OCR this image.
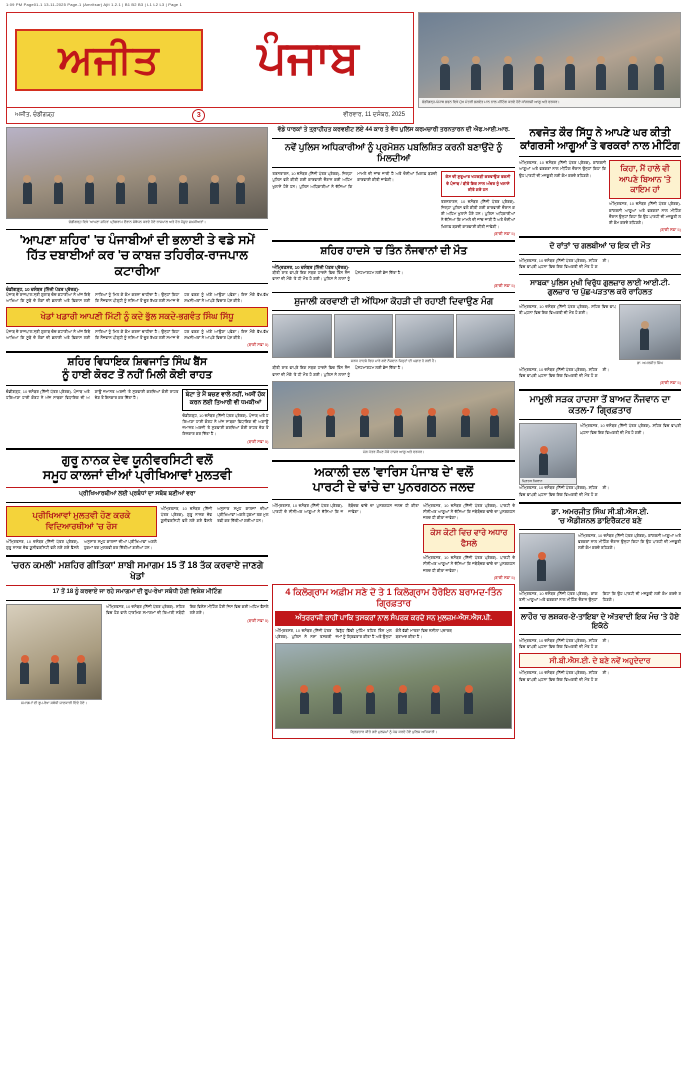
1:09 PM Page01-1 13-11-2025 Page-1 (Amritsar) Ajit 1.2.1 | B1 B2 B3 | L1 L2 L3 | Page 1
ਅਜੀਤ	ਪੰਜਾਬ
ਚੰਡੀਗੜ੍ਹ-ਪੰਜਾਬ ਭਵਨ ਵਿਖੇ ਮੁੱਖ ਮੰਤਰੀ ਭਗਵੰਤ ਮਾਨ ਨਾਲ ਮੀਟਿੰਗ ਕਰਦੇ ਹੋਏ ਕਾਂਗਰਸੀ ਆਗੂ ਅਤੇ ਵਰਕਰ।
ਅਜੀਤ, ਚੰਡੀਗੜ੍ਹ	3	ਵੀਰਵਾਰ, 11 ਦਸੰਬਰ, 2025
ਚੰਡੀਗੜ੍ਹ ਵਿਖੇ 'ਆਪਣਾ ਸ਼ਹਿਰ' ਪ੍ਰੋਗਰਾਮ ਦੌਰਾਨ ਸੰਬੋਧਨ ਕਰਦੇ ਹੋਏ ਰਾਜਪਾਲ ਅਤੇ ਹੋਰ ਮੌਜੂਦ ਸ਼ਖ਼ਸੀਅਤਾਂ।
'ਆਪਣਾ ਸ਼ਹਿਰ' 'ਚ ਪੰਜਾਬੀਆਂ ਦੀ ਭਲਾਈ ਤੇ ਵਡੇ ਸਮੇਂ
ਹਿੱਤ ਦਬਾਈਆਂ ਕਰ 'ਚ ਕਾਬਜ਼ ਤਹਿਰੀਕ-ਰਾਜਪਾਲ ਕਟਾਰੀਆ
ਚੰਡੀਗੜ੍ਹ, 10 ਦਸੰਬਰ (ਨਿੱਜੀ ਪੱਤਰ ਪ੍ਰੇਰਕ)-
ਪੰਜਾਬ ਦੇ ਰਾਜਪਾਲ ਸ੍ਰੀ ਗੁਲਾਬ ਚੰਦ ਕਟਾਰੀਆ ਨੇ ਅੱਜ ਇਥੇ ਆਖਿਆ ਕਿ ਸੂਬੇ ਦੇ ਲੋਕਾਂ ਦੀ ਭਲਾਈ ਅਤੇ ਵਿਕਾਸ ਲਈ ਸਾਰਿਆਂ ਨੂੰ ਮਿਲ ਕੇ ਕੰਮ ਕਰਨਾ ਚਾਹੀਦਾ ਹੈ। ਉਨ੍ਹਾਂ ਕਿਹਾ ਕਿ ਨੌਜਵਾਨ ਪੀੜ੍ਹੀ ਨੂੰ ਨਸ਼ਿਆਂ ਤੋਂ ਦੂਰ ਰੱਖਣ ਲਈ ਸਮਾਜ ਦੇ ਹਰ ਵਰਗ ਨੂੰ ਅੱਗੇ ਆਉਣਾ ਪਵੇਗਾ। ਇਸ ਮੌਕੇ ਵੱਖ-ਵੱਖ ਸ਼ਖ਼ਸੀਅਤਾਂ ਨੇ ਆਪਣੇ ਵਿਚਾਰ ਪੇਸ਼ ਕੀਤੇ।
ਖੇਡਾਂ ਖਡਾਰੀ ਆਪਣੀ ਮਿੱਟੀ ਨੂੰ ਕਦੇ ਭੁੱਲ ਸਕਦੇ-ਭਗਵੰਤ ਸਿੰਘ ਸਿੱਧੂ
ਪੰਜਾਬ ਦੇ ਰਾਜਪਾਲ ਸ੍ਰੀ ਗੁਲਾਬ ਚੰਦ ਕਟਾਰੀਆ ਨੇ ਅੱਜ ਇਥੇ ਆਖਿਆ ਕਿ ਸੂਬੇ ਦੇ ਲੋਕਾਂ ਦੀ ਭਲਾਈ ਅਤੇ ਵਿਕਾਸ ਲਈ ਸਾਰਿਆਂ ਨੂੰ ਮਿਲ ਕੇ ਕੰਮ ਕਰਨਾ ਚਾਹੀਦਾ ਹੈ। ਉਨ੍ਹਾਂ ਕਿਹਾ ਕਿ ਨੌਜਵਾਨ ਪੀੜ੍ਹੀ ਨੂੰ ਨਸ਼ਿਆਂ ਤੋਂ ਦੂਰ ਰੱਖਣ ਲਈ ਸਮਾਜ ਦੇ ਹਰ ਵਰਗ ਨੂੰ ਅੱਗੇ ਆਉਣਾ ਪਵੇਗਾ। ਇਸ ਮੌਕੇ ਵੱਖ-ਵੱਖ ਸ਼ਖ਼ਸੀਅਤਾਂ ਨੇ ਆਪਣੇ ਵਿਚਾਰ ਪੇਸ਼ ਕੀਤੇ।
(ਬਾਕੀ ਸਫ਼ਾ 5)
ਸ਼ਹਿਰ ਵਿਧਾਇਕ ਸ਼ਿਵਜਾਤਿ ਸਿੰਘ ਬੈਂਸ
ਨੂੰ ਹਾਈ ਕੋਰਟ ਤੋਂ ਨਹੀਂ ਮਿਲੀ ਕੋਈ ਰਾਹਤ
ਚੰਡੀਗੜ੍ਹ, 10 ਦਸੰਬਰ (ਨਿੱਜੀ ਪੱਤਰ ਪ੍ਰੇਰਕ)- ਪੰਜਾਬ ਅਤੇ ਹਰਿਆਣਾ ਹਾਈ ਕੋਰਟ ਨੇ ਅੱਜ ਸਾਬਕਾ ਵਿਧਾਇਕ ਦੀ ਅਗਾਊਂ ਜ਼ਮਾਨਤ ਅਰਜ਼ੀ 'ਤੇ ਸੁਣਵਾਈ ਕਰਦਿਆਂ ਕੋਈ ਰਾਹਤ ਦੇਣ ਤੋਂ ਇਨਕਾਰ ਕਰ ਦਿੱਤਾ ਹੈ।	ਬੇਟਾ ਤੇ ਮੈਂ ਬਚਣ ਵਾਲੇ ਨਹੀਂ, ਅਸੀਂ ਹੱਕ ਕਰਨ ਲਈ ਤਿਆਰੀ ਵੀ ਧਮਕੀਆਂ
ਚੰਡੀਗੜ੍ਹ, 10 ਦਸੰਬਰ (ਨਿੱਜੀ ਪੱਤਰ ਪ੍ਰੇਰਕ)- ਪੰਜਾਬ ਅਤੇ ਹਰਿਆਣਾ ਹਾਈ ਕੋਰਟ ਨੇ ਅੱਜ ਸਾਬਕਾ ਵਿਧਾਇਕ ਦੀ ਅਗਾਊਂ ਜ਼ਮਾਨਤ ਅਰਜ਼ੀ 'ਤੇ ਸੁਣਵਾਈ ਕਰਦਿਆਂ ਕੋਈ ਰਾਹਤ ਦੇਣ ਤੋਂ ਇਨਕਾਰ ਕਰ ਦਿੱਤਾ ਹੈ।
(ਬਾਕੀ ਸਫ਼ਾ 5)
ਗੁਰੂ ਨਾਨਕ ਦੇਵ ਯੂਨੀਵਰਸਿਟੀ ਵਲੋਂ
ਸਮੂਹ ਕਾਲਜਾਂ ਦੀਆਂ ਪ੍ਰੀਖਿਆਵਾਂ ਮੁਲਤਵੀ
ਪ੍ਰੀਖਿਆਰਥੀਆਂ ਲਈ ਪ੍ਰਬੰਧਾਂ ਦਾ ਸਬੱਬ ਬਣੀਆਂ ਵਰਾ
ਪ੍ਰੀਖਿਆਵਾਂ ਮੁਲਤਵੀ ਹੋਣ ਕਰਕੇ ਵਿਦਿਆਰਥੀਆਂ 'ਚ ਰੋਸ
ਅੰਮ੍ਰਿਤਸਰ, 10 ਦਸੰਬਰ (ਨਿੱਜੀ ਪੱਤਰ ਪ੍ਰੇਰਕ)- ਗੁਰੂ ਨਾਨਕ ਦੇਵ ਯੂਨੀਵਰਸਿਟੀ ਵਲੋਂ ਲਏ ਗਏ ਫੈਸਲੇ ਅਨੁਸਾਰ ਸਮੂਹ ਕਾਲਜਾਂ ਦੀਆਂ ਪ੍ਰੀਖਿਆਵਾਂ ਅਗਲੇ ਹੁਕਮਾਂ ਤਕ ਮੁਲਤਵੀ ਕਰ ਦਿੱਤੀਆਂ ਗਈਆਂ ਹਨ।
ਅੰਮ੍ਰਿਤਸਰ, 10 ਦਸੰਬਰ (ਨਿੱਜੀ ਪੱਤਰ ਪ੍ਰੇਰਕ)- ਗੁਰੂ ਨਾਨਕ ਦੇਵ ਯੂਨੀਵਰਸਿਟੀ ਵਲੋਂ ਲਏ ਗਏ ਫੈਸਲੇ ਅਨੁਸਾਰ ਸਮੂਹ ਕਾਲਜਾਂ ਦੀਆਂ ਪ੍ਰੀਖਿਆਵਾਂ ਅਗਲੇ ਹੁਕਮਾਂ ਤਕ ਮੁਲਤਵੀ ਕਰ ਦਿੱਤੀਆਂ ਗਈਆਂ ਹਨ।
'ਚਰਨ ਕਮਲੀ' ਮਸ਼ਹਿਰ ਗੀਤਿਕਾ' ਸ਼ਾਬੀ ਸਮਾਗਮ 15 ਤੋਂ 18 ਤੱਕ ਕਰਵਾਏ ਜਾਣਗੇ ਖੇਡਾਂ
17 ਤੋਂ 18 ਨੂੰ ਕਰਵਾਏ ਜਾ ਰਹੇ ਸਮਾਗਮਾਂ ਦੀ ਰੂਪ-ਰੇਖਾ ਸਬੰਧੀ ਹੋਈ ਵਿਸ਼ੇਸ਼ ਮੀਟਿੰਗ
ਸਮਾਗਮਾਂ ਦੀ ਰੂਪ-ਰੇਖਾ ਸਬੰਧੀ ਜਾਣਕਾਰੀ ਦਿੰਦੇ ਹੋਏ।
ਅੰਮ੍ਰਿਤਸਰ, 10 ਦਸੰਬਰ (ਨਿੱਜੀ ਪੱਤਰ ਪ੍ਰੇਰਕ)- ਸ਼ਹਿਰ ਵਿਚ ਹੋਣ ਵਾਲੇ ਧਾਰਮਿਕ ਸਮਾਗਮਾਂ ਦੀ ਤਿਆਰੀ ਸਬੰਧੀ ਇਕ ਵਿਸ਼ੇਸ਼ ਮੀਟਿੰਗ ਹੋਈ ਜਿਸ ਵਿਚ ਕਈ ਅਹਿਮ ਫੈਸਲੇ ਲਏ ਗਏ।
(ਬਾਕੀ ਸਫ਼ਾ 5)
ਵੱਡੇ ਧਾਰਕਾਂ ਤੇ ਤ੍ਰਾਹੀਹਤ ਕਰਵਈਟ ਲਏ 44 ਕਾਰ ਤੇ ਵੱਧ ਪੁਲਿਸ ਕਰਮਚਾਰੀ ਤਰਨਤਾਰਨ ਦੀ ਐਫ.ਆਈ.ਆਰ.
ਨਵੇਂ ਪੁਲਿਸ ਅਧਿਕਾਰੀਆਂ ਨੂੰ ਪ੍ਰਮੋਸ਼ਨ ਪਬਲਿਸ਼ਿਤ ਕਰਨੀ ਬਣਾਉਂਦੇ ਨੂੰ ਮਿਲਦੀਆਂ
ਤਰਨਤਾਰਨ, 10 ਦਸੰਬਰ (ਨਿੱਜੀ ਪੱਤਰ ਪ੍ਰੇਰਕ)- ਜ਼ਿਲ੍ਹਾ ਪੁਲਿਸ ਵਲੋਂ ਕੀਤੀ ਗਈ ਕਾਰਵਾਈ ਦੌਰਾਨ ਕਈ ਅਹਿਮ ਖੁਲਾਸੇ ਹੋਏ ਹਨ। ਪੁਲਿਸ ਅਧਿਕਾਰੀਆਂ ਨੇ ਦੱਸਿਆ ਕਿ ਮਾਮਲੇ ਦੀ ਜਾਂਚ ਜਾਰੀ ਹੈ ਅਤੇ ਦੋਸ਼ੀਆਂ ਖ਼ਿਲਾਫ਼ ਬਣਦੀ ਕਾਰਵਾਈ ਕੀਤੀ ਜਾਵੇਗੀ।
ਕੇਸ ਦੀ ਸ਼ੁਰੂਆਤ ਖਟਕੜੀ ਕਰਵਾਉਣ ਤਕਸੀ ਦੇ ਪੰਜਾਬ / ਬੀਤੇ ਇਕ ਸਾਲ ਅੰਦਰ ਨੂੰ ਖਲਾਸੇ ਕੀਤੇ ਗਏ ਹਨ
ਤਰਨਤਾਰਨ, 10 ਦਸੰਬਰ (ਨਿੱਜੀ ਪੱਤਰ ਪ੍ਰੇਰਕ)- ਜ਼ਿਲ੍ਹਾ ਪੁਲਿਸ ਵਲੋਂ ਕੀਤੀ ਗਈ ਕਾਰਵਾਈ ਦੌਰਾਨ ਕਈ ਅਹਿਮ ਖੁਲਾਸੇ ਹੋਏ ਹਨ। ਪੁਲਿਸ ਅਧਿਕਾਰੀਆਂ ਨੇ ਦੱਸਿਆ ਕਿ ਮਾਮਲੇ ਦੀ ਜਾਂਚ ਜਾਰੀ ਹੈ ਅਤੇ ਦੋਸ਼ੀਆਂ ਖ਼ਿਲਾਫ਼ ਬਣਦੀ ਕਾਰਵਾਈ ਕੀਤੀ ਜਾਵੇਗੀ।
(ਬਾਕੀ ਸਫ਼ਾ 5)
ਸ਼ਹਿਰ ਹਾਦਸੇ 'ਚ ਤਿੰਨ ਨੌਜਵਾਨਾਂ ਦੀ ਮੌਤ
ਅੰਮ੍ਰਿਤਸਰ, 10 ਦਸੰਬਰ (ਨਿੱਜੀ ਪੱਤਰ ਪ੍ਰੇਰਕ)-
ਬੀਤੀ ਰਾਤ ਵਾਪਰੇ ਇਕ ਸੜਕ ਹਾਦਸੇ ਵਿਚ ਤਿੰਨ ਨੌਜਵਾਨਾਂ ਦੀ ਮੌਕੇ 'ਤੇ ਹੀ ਮੌਤ ਹੋ ਗਈ। ਪੁਲਿਸ ਨੇ ਲਾਸ਼ਾਂ ਨੂੰ ਪੋਸਟਮਾਰਟਮ ਲਈ ਭੇਜ ਦਿੱਤਾ ਹੈ।
(ਬਾਕੀ ਸਫ਼ਾ 5)
ਸ਼ੁਜਾਲੀ ਕਰਵਾਈ ਦੀ ਅੱਧਿਆ ਕੋਹੜੀ ਦੀ ਰਹਾਈ ਦਿਵਾਉਣ ਮੰਗ
ਸੜਕ ਹਾਦਸੇ ਵਿਚ ਮਾਰੇ ਗਏ ਨੌਜਵਾਨ ਜਿਨ੍ਹਾਂ ਦੀ ਪਛਾਣ ਹੋ ਗਈ ਹੈ।
ਬੀਤੀ ਰਾਤ ਵਾਪਰੇ ਇਕ ਸੜਕ ਹਾਦਸੇ ਵਿਚ ਤਿੰਨ ਨੌਜਵਾਨਾਂ ਦੀ ਮੌਕੇ 'ਤੇ ਹੀ ਮੌਤ ਹੋ ਗਈ। ਪੁਲਿਸ ਨੇ ਲਾਸ਼ਾਂ ਨੂੰ ਪੋਸਟਮਾਰਟਮ ਲਈ ਭੇਜ ਦਿੱਤਾ ਹੈ।
ਮੰਗ ਪੱਤਰ ਸੌਂਪਣ ਮੌਕੇ ਹਾਜ਼ਰ ਆਗੂ ਅਤੇ ਵਰਕਰ।
ਅਕਾਲੀ ਦਲ 'ਵਾਰਿਸ ਪੰਜਾਬ ਦੇ' ਵਲੋਂ
ਪਾਰਟੀ ਦੇ ਢਾਂਚੇ ਦਾ ਪੁਨਰਗਠਨ ਜਲਦ
ਅੰਮ੍ਰਿਤਸਰ, 10 ਦਸੰਬਰ (ਨਿੱਜੀ ਪੱਤਰ ਪ੍ਰੇਰਕ)- ਪਾਰਟੀ ਦੇ ਸੀਨੀਅਰ ਆਗੂਆਂ ਨੇ ਦੱਸਿਆ ਕਿ ਜਥੇਬੰਦਕ ਢਾਂਚੇ ਦਾ ਪੁਨਰਗਠਨ ਜਲਦ ਹੀ ਕੀਤਾ ਜਾਵੇਗਾ।
ਅੰਮ੍ਰਿਤਸਰ, 10 ਦਸੰਬਰ (ਨਿੱਜੀ ਪੱਤਰ ਪ੍ਰੇਰਕ)- ਪਾਰਟੀ ਦੇ ਸੀਨੀਅਰ ਆਗੂਆਂ ਨੇ ਦੱਸਿਆ ਕਿ ਜਥੇਬੰਦਕ ਢਾਂਚੇ ਦਾ ਪੁਨਰਗਠਨ ਜਲਦ ਹੀ ਕੀਤਾ ਜਾਵੇਗਾ।
ਕੇਸ ਕੋਟੀ ਵਿਚ ਵਾਰੇ ਅਧਾਰ ਫੈਸਲੇ
ਅੰਮ੍ਰਿਤਸਰ, 10 ਦਸੰਬਰ (ਨਿੱਜੀ ਪੱਤਰ ਪ੍ਰੇਰਕ)- ਪਾਰਟੀ ਦੇ ਸੀਨੀਅਰ ਆਗੂਆਂ ਨੇ ਦੱਸਿਆ ਕਿ ਜਥੇਬੰਦਕ ਢਾਂਚੇ ਦਾ ਪੁਨਰਗਠਨ ਜਲਦ ਹੀ ਕੀਤਾ ਜਾਵੇਗਾ।
(ਬਾਕੀ ਸਫ਼ਾ 5)
4 ਕਿਲੋਗ੍ਰਾਮ ਅਫ਼ੀਮ ਸਣੇ ਦੋ ਤੇ 1 ਕਿਲੋਗ੍ਰਾਮ ਹੈਰੋਇਨ ਬਰਾਮਦ-ਤਿੰਨ ਗ੍ਰਿਫ਼ਤਾਰ
ਅੰਤਰਰਾਜੀ ਰਾਹੀਂ ਪਾਕਿ ਤਸਕਰਾਂ ਨਾਲ ਸੰਪਰਕ ਕਰਦੇ ਸਨ ਮੁਲਜ਼ਮ-ਐਸ.ਐਸ.ਪੀ.
ਅੰਮ੍ਰਿਤਸਰ, 10 ਦਸੰਬਰ (ਨਿੱਜੀ ਪੱਤਰ ਪ੍ਰੇਰਕ)- ਪੁਲਿਸ ਨੇ ਨਸ਼ਾ ਤਸਕਰੀ ਵਿਰੁੱਧ ਵਿੱਢੀ ਮੁਹਿੰਮ ਤਹਿਤ ਤਿੰਨ ਮੁਲਜ਼ਮਾਂ ਨੂੰ ਗ੍ਰਿਫ਼ਤਾਰ ਕੀਤਾ ਹੈ ਅਤੇ ਉਨ੍ਹਾਂ ਕੋਲੋਂ ਵੱਡੀ ਮਾਤਰਾ ਵਿਚ ਨਸ਼ੀਲਾ ਪਦਾਰਥ ਬਰਾਮਦ ਕੀਤਾ ਹੈ।
ਗ੍ਰਿਫ਼ਤਾਰ ਕੀਤੇ ਗਏ ਮੁਲਜ਼ਮਾਂ ਨੂੰ ਪੇਸ਼ ਕਰਦੇ ਹੋਏ ਪੁਲਿਸ ਅਧਿਕਾਰੀ।
ਨਵਜੋਤ ਕੌਰ ਸਿੱਧੂ ਨੇ ਆਪਣੇ ਘਰ ਕੀਤੀ
ਕਾਂਗਰਸੀ ਆਗੂਆਂ ਤੇ ਵਰਕਰਾਂ ਨਾਲ ਮੀਟਿੰਗ
ਅੰਮ੍ਰਿਤਸਰ, 10 ਦਸੰਬਰ (ਨਿੱਜੀ ਪੱਤਰ ਪ੍ਰੇਰਕ)- ਕਾਂਗਰਸੀ ਆਗੂਆਂ ਅਤੇ ਵਰਕਰਾਂ ਨਾਲ ਮੀਟਿੰਗ ਦੌਰਾਨ ਉਨ੍ਹਾਂ ਕਿਹਾ ਕਿ ਉਹ ਪਾਰਟੀ ਦੀ ਮਜ਼ਬੂਤੀ ਲਈ ਕੰਮ ਕਰਦੇ ਰਹਿਣਗੇ।
ਕਿਹਾ, ਮੈਂ ਹਾਲੇ ਵੀ ਆਪਣੇ ਬਿਆਨ 'ਤੇ ਕਾਇਮ ਹਾਂ
ਅੰਮ੍ਰਿਤਸਰ, 10 ਦਸੰਬਰ (ਨਿੱਜੀ ਪੱਤਰ ਪ੍ਰੇਰਕ)- ਕਾਂਗਰਸੀ ਆਗੂਆਂ ਅਤੇ ਵਰਕਰਾਂ ਨਾਲ ਮੀਟਿੰਗ ਦੌਰਾਨ ਉਨ੍ਹਾਂ ਕਿਹਾ ਕਿ ਉਹ ਪਾਰਟੀ ਦੀ ਮਜ਼ਬੂਤੀ ਲਈ ਕੰਮ ਕਰਦੇ ਰਹਿਣਗੇ।
(ਬਾਕੀ ਸਫ਼ਾ 5)
ਦੋ ਰਾਂਤਾਂ 'ਚ ਗਲਬੀਆਂ 'ਚ ਇਕ ਦੀ ਮੌਤ
ਅੰਮ੍ਰਿਤਸਰ, 10 ਦਸੰਬਰ (ਨਿੱਜੀ ਪੱਤਰ ਪ੍ਰੇਰਕ)- ਸ਼ਹਿਰ ਵਿਚ ਵਾਪਰੀ ਘਟਨਾ ਵਿਚ ਇਕ ਵਿਅਕਤੀ ਦੀ ਮੌਤ ਹੋ ਗਈ।
ਸਾਬਕਾ ਪੁਲਿਸ ਮੁਖੀ ਵਿਰੁੱਧ ਗੁਲਜ਼ਾਰ ਲਾਈ ਆਈ.ਟੀ. ਗੁਲਜ਼ਾਰ 'ਚ ਪੁੱਛ-ਪੜਤਾਲ ਕਰੋ ਰਾਹਿਲਤ
ਅੰਮ੍ਰਿਤਸਰ, 10 ਦਸੰਬਰ (ਨਿੱਜੀ ਪੱਤਰ ਪ੍ਰੇਰਕ)- ਸ਼ਹਿਰ ਵਿਚ ਵਾਪਰੀ ਘਟਨਾ ਵਿਚ ਇਕ ਵਿਅਕਤੀ ਦੀ ਮੌਤ ਹੋ ਗਈ।
ਡਾ. ਅਮਰਜੀਤ ਸਿੰਘ
ਅੰਮ੍ਰਿਤਸਰ, 10 ਦਸੰਬਰ (ਨਿੱਜੀ ਪੱਤਰ ਪ੍ਰੇਰਕ)- ਸ਼ਹਿਰ ਵਿਚ ਵਾਪਰੀ ਘਟਨਾ ਵਿਚ ਇਕ ਵਿਅਕਤੀ ਦੀ ਮੌਤ ਹੋ ਗਈ।
(ਬਾਕੀ ਸਫ਼ਾ 5)
ਮਾਮੂਲੀ ਸੜਕ ਹਾਦਸਾ ਤੋਂ ਬਾਅਦ ਨੌਜਵਾਨ ਦਾ ਕਤਲ-7 ਗ੍ਰਿਫ਼ਤਾਰ
ਮ੍ਰਿਤਕ ਨੌਜਵਾਨ
ਅੰਮ੍ਰਿਤਸਰ, 10 ਦਸੰਬਰ (ਨਿੱਜੀ ਪੱਤਰ ਪ੍ਰੇਰਕ)- ਸ਼ਹਿਰ ਵਿਚ ਵਾਪਰੀ ਘਟਨਾ ਵਿਚ ਇਕ ਵਿਅਕਤੀ ਦੀ ਮੌਤ ਹੋ ਗਈ।
ਅੰਮ੍ਰਿਤਸਰ, 10 ਦਸੰਬਰ (ਨਿੱਜੀ ਪੱਤਰ ਪ੍ਰੇਰਕ)- ਸ਼ਹਿਰ ਵਿਚ ਵਾਪਰੀ ਘਟਨਾ ਵਿਚ ਇਕ ਵਿਅਕਤੀ ਦੀ ਮੌਤ ਹੋ ਗਈ।
ਡਾ. ਅਮਰਜੀਤ ਸਿੰਘ ਸੀ.ਬੀ.ਐਸ.ਈ.
'ਚ ਐਡੀਸ਼ਨਲ ਡਾਇਰੈਕਟਰ ਬਣੇ
ਅੰਮ੍ਰਿਤਸਰ, 10 ਦਸੰਬਰ (ਨਿੱਜੀ ਪੱਤਰ ਪ੍ਰੇਰਕ)- ਕਾਂਗਰਸੀ ਆਗੂਆਂ ਅਤੇ ਵਰਕਰਾਂ ਨਾਲ ਮੀਟਿੰਗ ਦੌਰਾਨ ਉਨ੍ਹਾਂ ਕਿਹਾ ਕਿ ਉਹ ਪਾਰਟੀ ਦੀ ਮਜ਼ਬੂਤੀ ਲਈ ਕੰਮ ਕਰਦੇ ਰਹਿਣਗੇ।
ਅੰਮ੍ਰਿਤਸਰ, 10 ਦਸੰਬਰ (ਨਿੱਜੀ ਪੱਤਰ ਪ੍ਰੇਰਕ)- ਕਾਂਗਰਸੀ ਆਗੂਆਂ ਅਤੇ ਵਰਕਰਾਂ ਨਾਲ ਮੀਟਿੰਗ ਦੌਰਾਨ ਉਨ੍ਹਾਂ ਕਿਹਾ ਕਿ ਉਹ ਪਾਰਟੀ ਦੀ ਮਜ਼ਬੂਤੀ ਲਈ ਕੰਮ ਕਰਦੇ ਰਹਿਣਗੇ।
ਲਾਹੌਰ 'ਚ ਲਸ਼ਕਰ-ਏ-ਤਾਇਬਾ ਦੇ ਅੱਤਵਾਦੀ ਇਕ ਮੰਚ 'ਤੇ ਹੋਏ ਇਕੱਠੇ
ਅੰਮ੍ਰਿਤਸਰ, 10 ਦਸੰਬਰ (ਨਿੱਜੀ ਪੱਤਰ ਪ੍ਰੇਰਕ)- ਸ਼ਹਿਰ ਵਿਚ ਵਾਪਰੀ ਘਟਨਾ ਵਿਚ ਇਕ ਵਿਅਕਤੀ ਦੀ ਮੌਤ ਹੋ ਗਈ।
ਸੀ.ਬੀ.ਐਸ.ਈ. ਦੇ ਬਣੇ ਨਵੇਂ ਅਹੁਦੇਦਾਰ
ਅੰਮ੍ਰਿਤਸਰ, 10 ਦਸੰਬਰ (ਨਿੱਜੀ ਪੱਤਰ ਪ੍ਰੇਰਕ)- ਸ਼ਹਿਰ ਵਿਚ ਵਾਪਰੀ ਘਟਨਾ ਵਿਚ ਇਕ ਵਿਅਕਤੀ ਦੀ ਮੌਤ ਹੋ ਗਈ।
